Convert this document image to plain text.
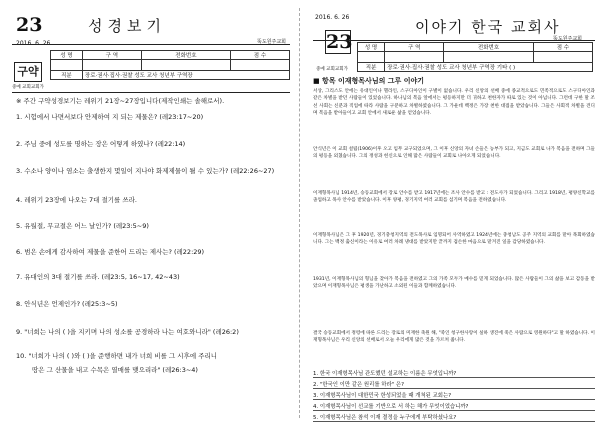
23
2016. 6. 26
성경보기
뚝도원주교회
구약
중예 교회교회가
성 명	구 역	전화번호	점 수

직분	장로·권사·집사·권찰 성도 교사 청년부 구역장		
※ 주간 구약성경보기는 레위기 21장~27장입니다(제작인쇄는 솔해로서).
1. 시험에서 나면서보다 안제하여 지 되는 제물은? (레23:17~20)
2. 주님 중에 성도를 명하는 장은 어떻게 하였나? (레22:14)
3. 수소나 양이나 염소는 출생한지 몇일이 지나야 화제제물이 될 수 있는가? (레22:26~27)
4. 레위기 23장에 나오는 7대 절기를 쓰라.
5. 유월절, 무교절은 어느 날인가? (레23:5~9)
6. 범은 손에게 감사하여 제물을 준한어 드리는 제사는? (레22:29)
7. 유대인의 3대 절기를 쓰라. (레23:5, 16~17, 42~43)
8. 안식년은 언제인가? (레25:3~5)
9. "너희는 나의 ( )을 지키며 나의 성소를 공경하라 나는 여호와니라" (레26:2)
10. "너희가 나의 ( )와 ( )을 준행하면 내가 너희 비를 그 시후에 주리니
땅은 그 산물을 내고 수목은 열매를 맺으리라" (레26:3~4)
2016. 6. 26
23
이야기 한국 교회사
뚝도원주교회
중예 교회교회가
성 명	구 역	전화번호	점 수

직분	장로·권사·집사·권찰 성도 교사 청년부 구역장 기타 ( )		
■ 항목 이재형목사님의 그루 이야기
서상, 그리스도 안에는 유대인이나 헬라인, 스구디아인이 구별이 없습니다. 우리 신앙의 선배 중에 종교적으로도 민족적으로도 스구디아인과 같은 차별을 받던 사람들이 있었습니다. 하나님의 복음 앞에서는 평등하지만 더 귀하고 천한자가 따로 있는 것이 아닙니다. 그런데 구한 말 조선 사회는 신분과 직업에 따라 사람을 구분하고 차별하였습니다. 그 가운데 백정은 가장 천한 대접을 받았습니다. 그들은 사회적 차별을 견디며 복음을 받아들이고 교회 안에서 새로운 삶을 얻었습니다.
안식년은 이 교회 설립(1906)이후 오고 임무 교구되었으며, 그 이후 신앙의 자녀 손들은 농부가 되고, 지금도 교회로 나가 복음을 전하며 그들의 평등을 외쳤습니다. 그의 정성과 헌신으로 인해 많은 사람들이 교회로 나아오게 되었습니다.
이재형목사님 1914년, 승동교회에서 장로 안수를 받고 1917년에는 조사 안수를 받고 : 전도사가 되었습니다. 그리고 1918년, 평양신학교를 졸업하고 목사 안수를 받았습니다. 이후 양평, 경기지역 여러 교회를 섬기며 복음을 전하였습니다.
이재형목사님은 그 후 1920년, 경기충청지역의 전도목사로 임명되어 사역하였고 1924년에는 충청남도 공주 지역의 교회를 맡아 목회하였습니다. 그는 백정 출신이라는 이유로 여러 차례 냉대를 받았지만 끝까지 겸손한 마음으로 맡겨진 일을 감당하였습니다.
1931년, 이재형목사님의 형님을 찾아가 복음을 전하였고 그의 가족 모두가 예수를 믿게 되었습니다. 많은 사람들이 그의 삶을 보고 감동을 받았으며 이재형목사님은 평생을 가난하고 소외된 이들과 함께하였습니다.
결국 승동교회에서 정령에 따른 드리는 장로의 미재한 축원 해, "죽인 청구한사랑이 실하 생진에 죽은 사람으로 영원하다"고 말 하였습니다. 이재형목사님은 우리 신앙의 선배로서 오늘 우리에게 많은 것을 가르쳐 줍니다.
1. 한국 이재형목사님 관도했던 설교하는 이름은 무엇입니까?
2. "한국인 이만 같은 원리를 하라" 은?
3. 이재형목사님이 대한민국 한성되었을 때 개척된 교회는?
4. 이재형목사님이 선교를 기반으로 서 하는 해가 무엇이었습니까?
5. 이재형목사님은 참석 이재 결정을 누구에게 부탁하셨나요?
